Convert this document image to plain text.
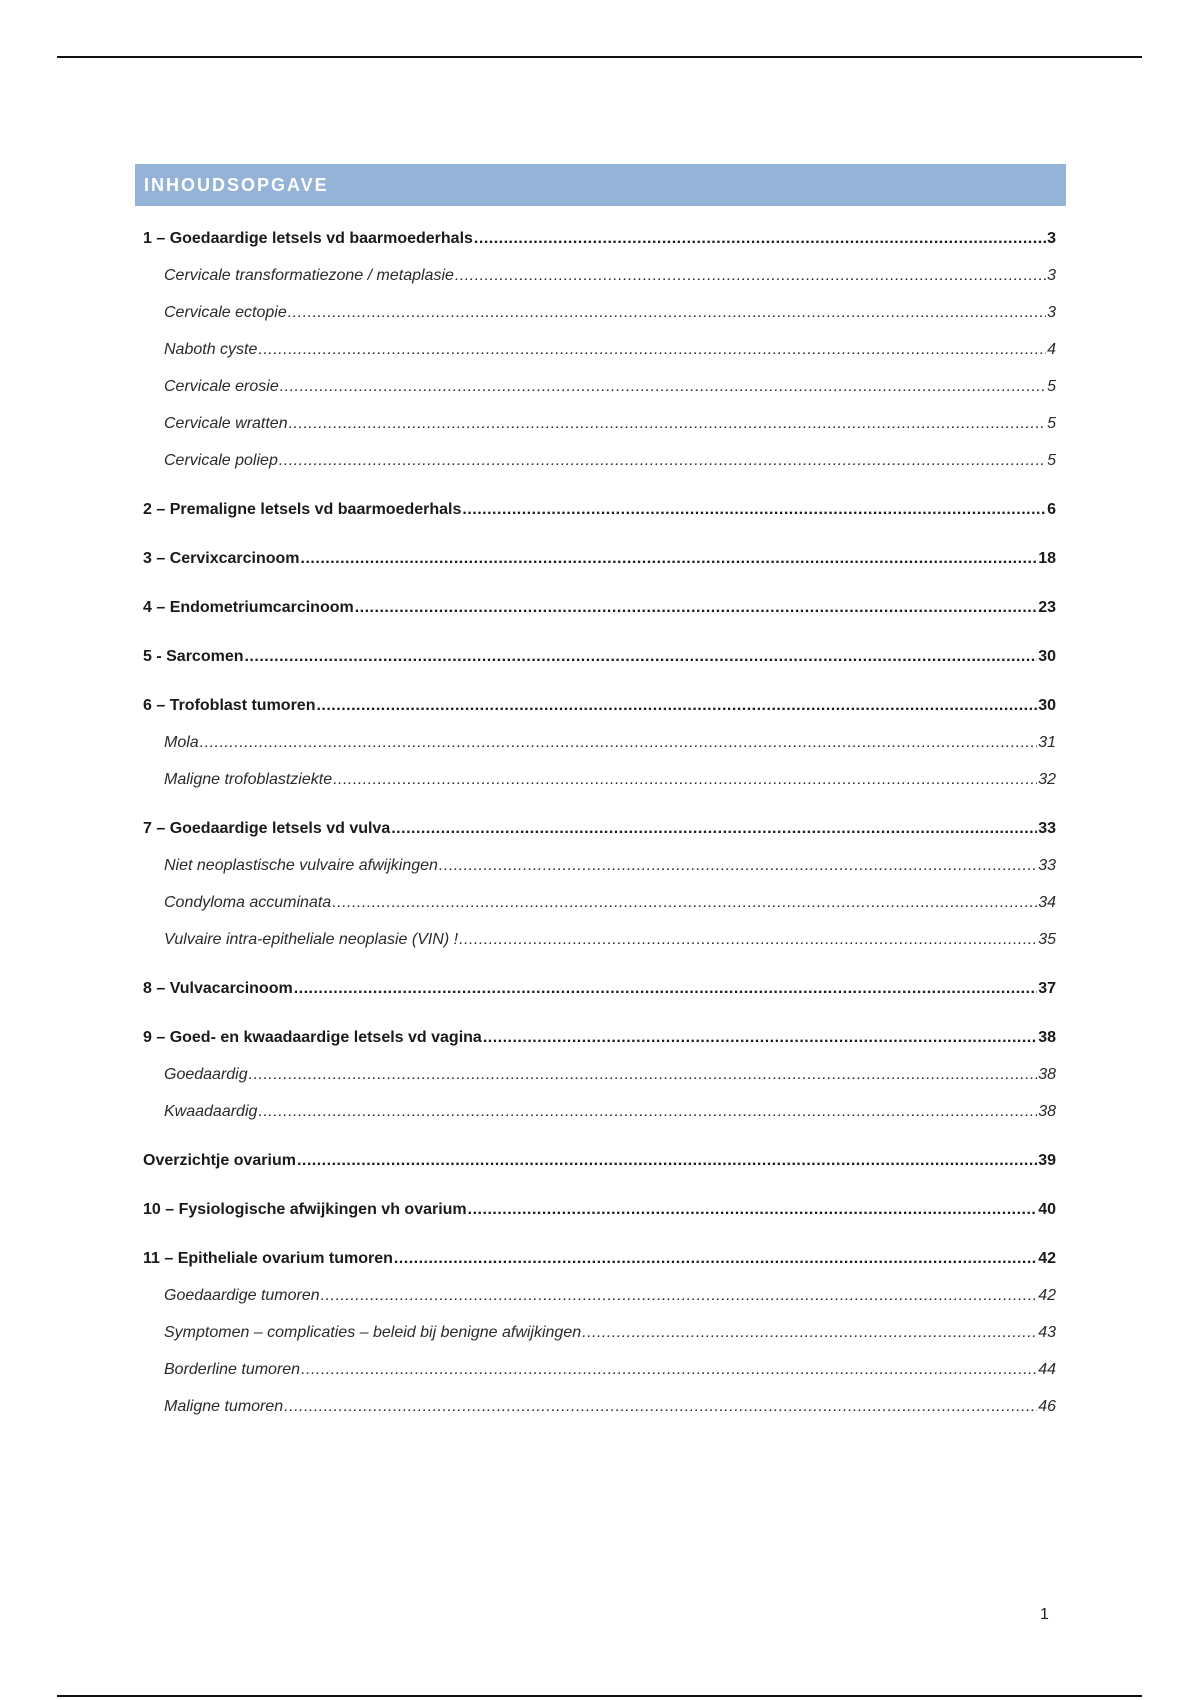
INHOUDSOPGAVE
1 – Goedaardige letsels vd baarmoederhals .....	3
Cervicale transformatiezone / metaplasie .....	3
Cervicale ectopie .....	3
Naboth cyste .....	4
Cervicale erosie .....	5
Cervicale wratten .....	5
Cervicale poliep .....	5
2 – Premaligne letsels vd baarmoederhals .....	6
3 – Cervixcarcinoom .....	18
4 – Endometriumcarcinoom .....	23
5 - Sarcomen .....	30
6 – Trofoblast tumoren .....	30
Mola .....	31
Maligne trofoblastziekte .....	32
7 – Goedaardige letsels vd vulva .....	33
Niet neoplastische vulvaire afwijkingen .....	33
Condyloma accuminata .....	34
Vulvaire intra-epitheliale neoplasie (VIN) ! .....	35
8 – Vulvacarcinoom .....	37
9 – Goed- en kwaadaardige letsels vd vagina .....	38
Goedaardig .....	38
Kwaadaardig .....	38
Overzichtje ovarium .....	39
10 – Fysiologische afwijkingen vh ovarium .....	40
11 – Epitheliale ovarium tumoren .....	42
Goedaardige tumoren .....	42
Symptomen – complicaties – beleid bij benigne afwijkingen .....	43
Borderline tumoren .....	44
Maligne tumoren .....	46
1
